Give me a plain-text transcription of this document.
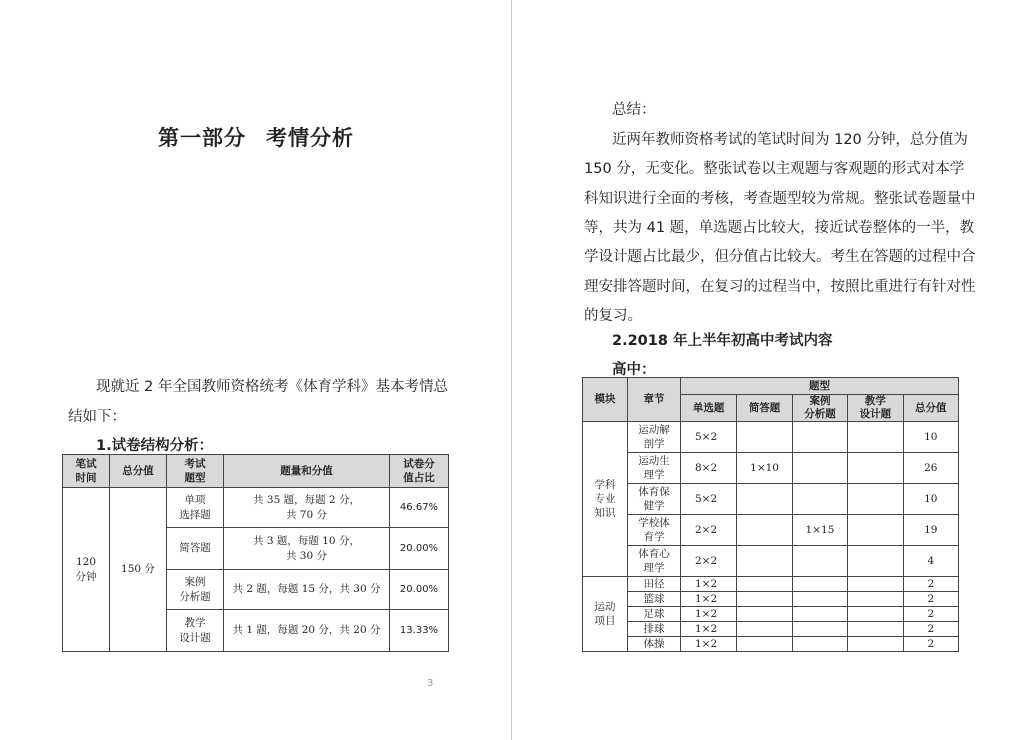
第一部分 考情分析
现就近 2 年全国教师资格统考《体育学科》基本考情总
结如下：
1.试卷结构分析：
笔试
时间	总分值	考试
题型	题量和分值	试卷分
值占比
120
分钟	150 分	单项
选择题	共 35 题，每题 2 分，
共 70 分	46.67%
		简答题	共 3 题，每题 10 分，
共 30 分	20.00%
		案例
分析题	共 2 题，每题 15 分，共 30 分	20.00%
		教学
设计题	共 1 题，每题 20 分，共 20 分	13.33%
3
总结：
近两年教师资格考试的笔试时间为 120 分钟，总分值为
150 分，无变化。整张试卷以主观题与客观题的形式对本学
科知识进行全面的考核，考查题型较为常规。整张试卷题量中
等，共为 41 题，单选题占比较大，接近试卷整体的一半，教
学设计题占比最少，但分值占比较大。考生在答题的过程中合
理安排答题时间，在复习的过程当中，按照比重进行有针对性
的复习。
2.2018 年上半年初高中考试内容
高中：
模块	章节	题型				
		单选题	简答题	案例
分析题	教学
设计题	总分值
学科
专业
知识	运动解
剖学	5×2				10
	运动生
理学	8×2	1×10			26
	体育保
健学	5×2				10
	学校体
育学	2×2		1×15		19
	体育心
理学	2×2				4
运动
项目	田径	1×2				2
	篮球	1×2				2
	足球	1×2				2
	排球	1×2				2
	体操	1×2				2
